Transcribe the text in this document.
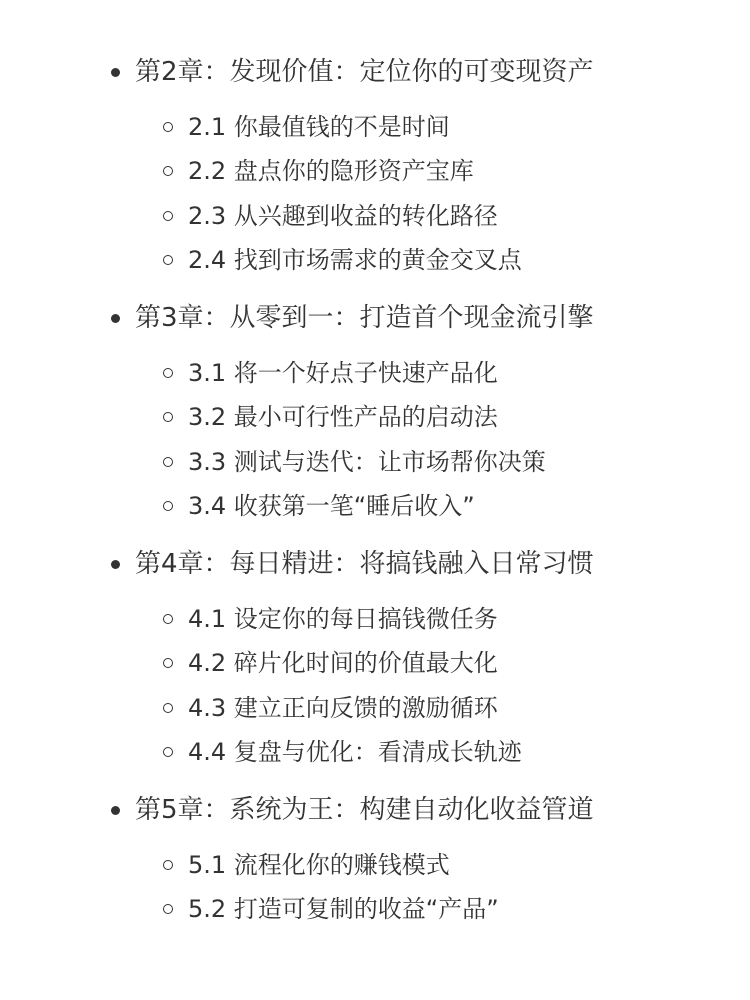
第2章：发现价值：定位你的可变现资产
2.1 你最值钱的不是时间
2.2 盘点你的隐形资产宝库
2.3 从兴趣到收益的转化路径
2.4 找到市场需求的黄金交叉点
第3章：从零到一：打造首个现金流引擎
3.1 将一个好点子快速产品化
3.2 最小可行性产品的启动法
3.3 测试与迭代：让市场帮你决策
3.4 收获第一笔“睡后收入”
第4章：每日精进：将搞钱融入日常习惯
4.1 设定你的每日搞钱微任务
4.2 碎片化时间的价值最大化
4.3 建立正向反馈的激励循环
4.4 复盘与优化：看清成长轨迹
第5章：系统为王：构建自动化收益管道
5.1 流程化你的赚钱模式
5.2 打造可复制的收益“产品”
